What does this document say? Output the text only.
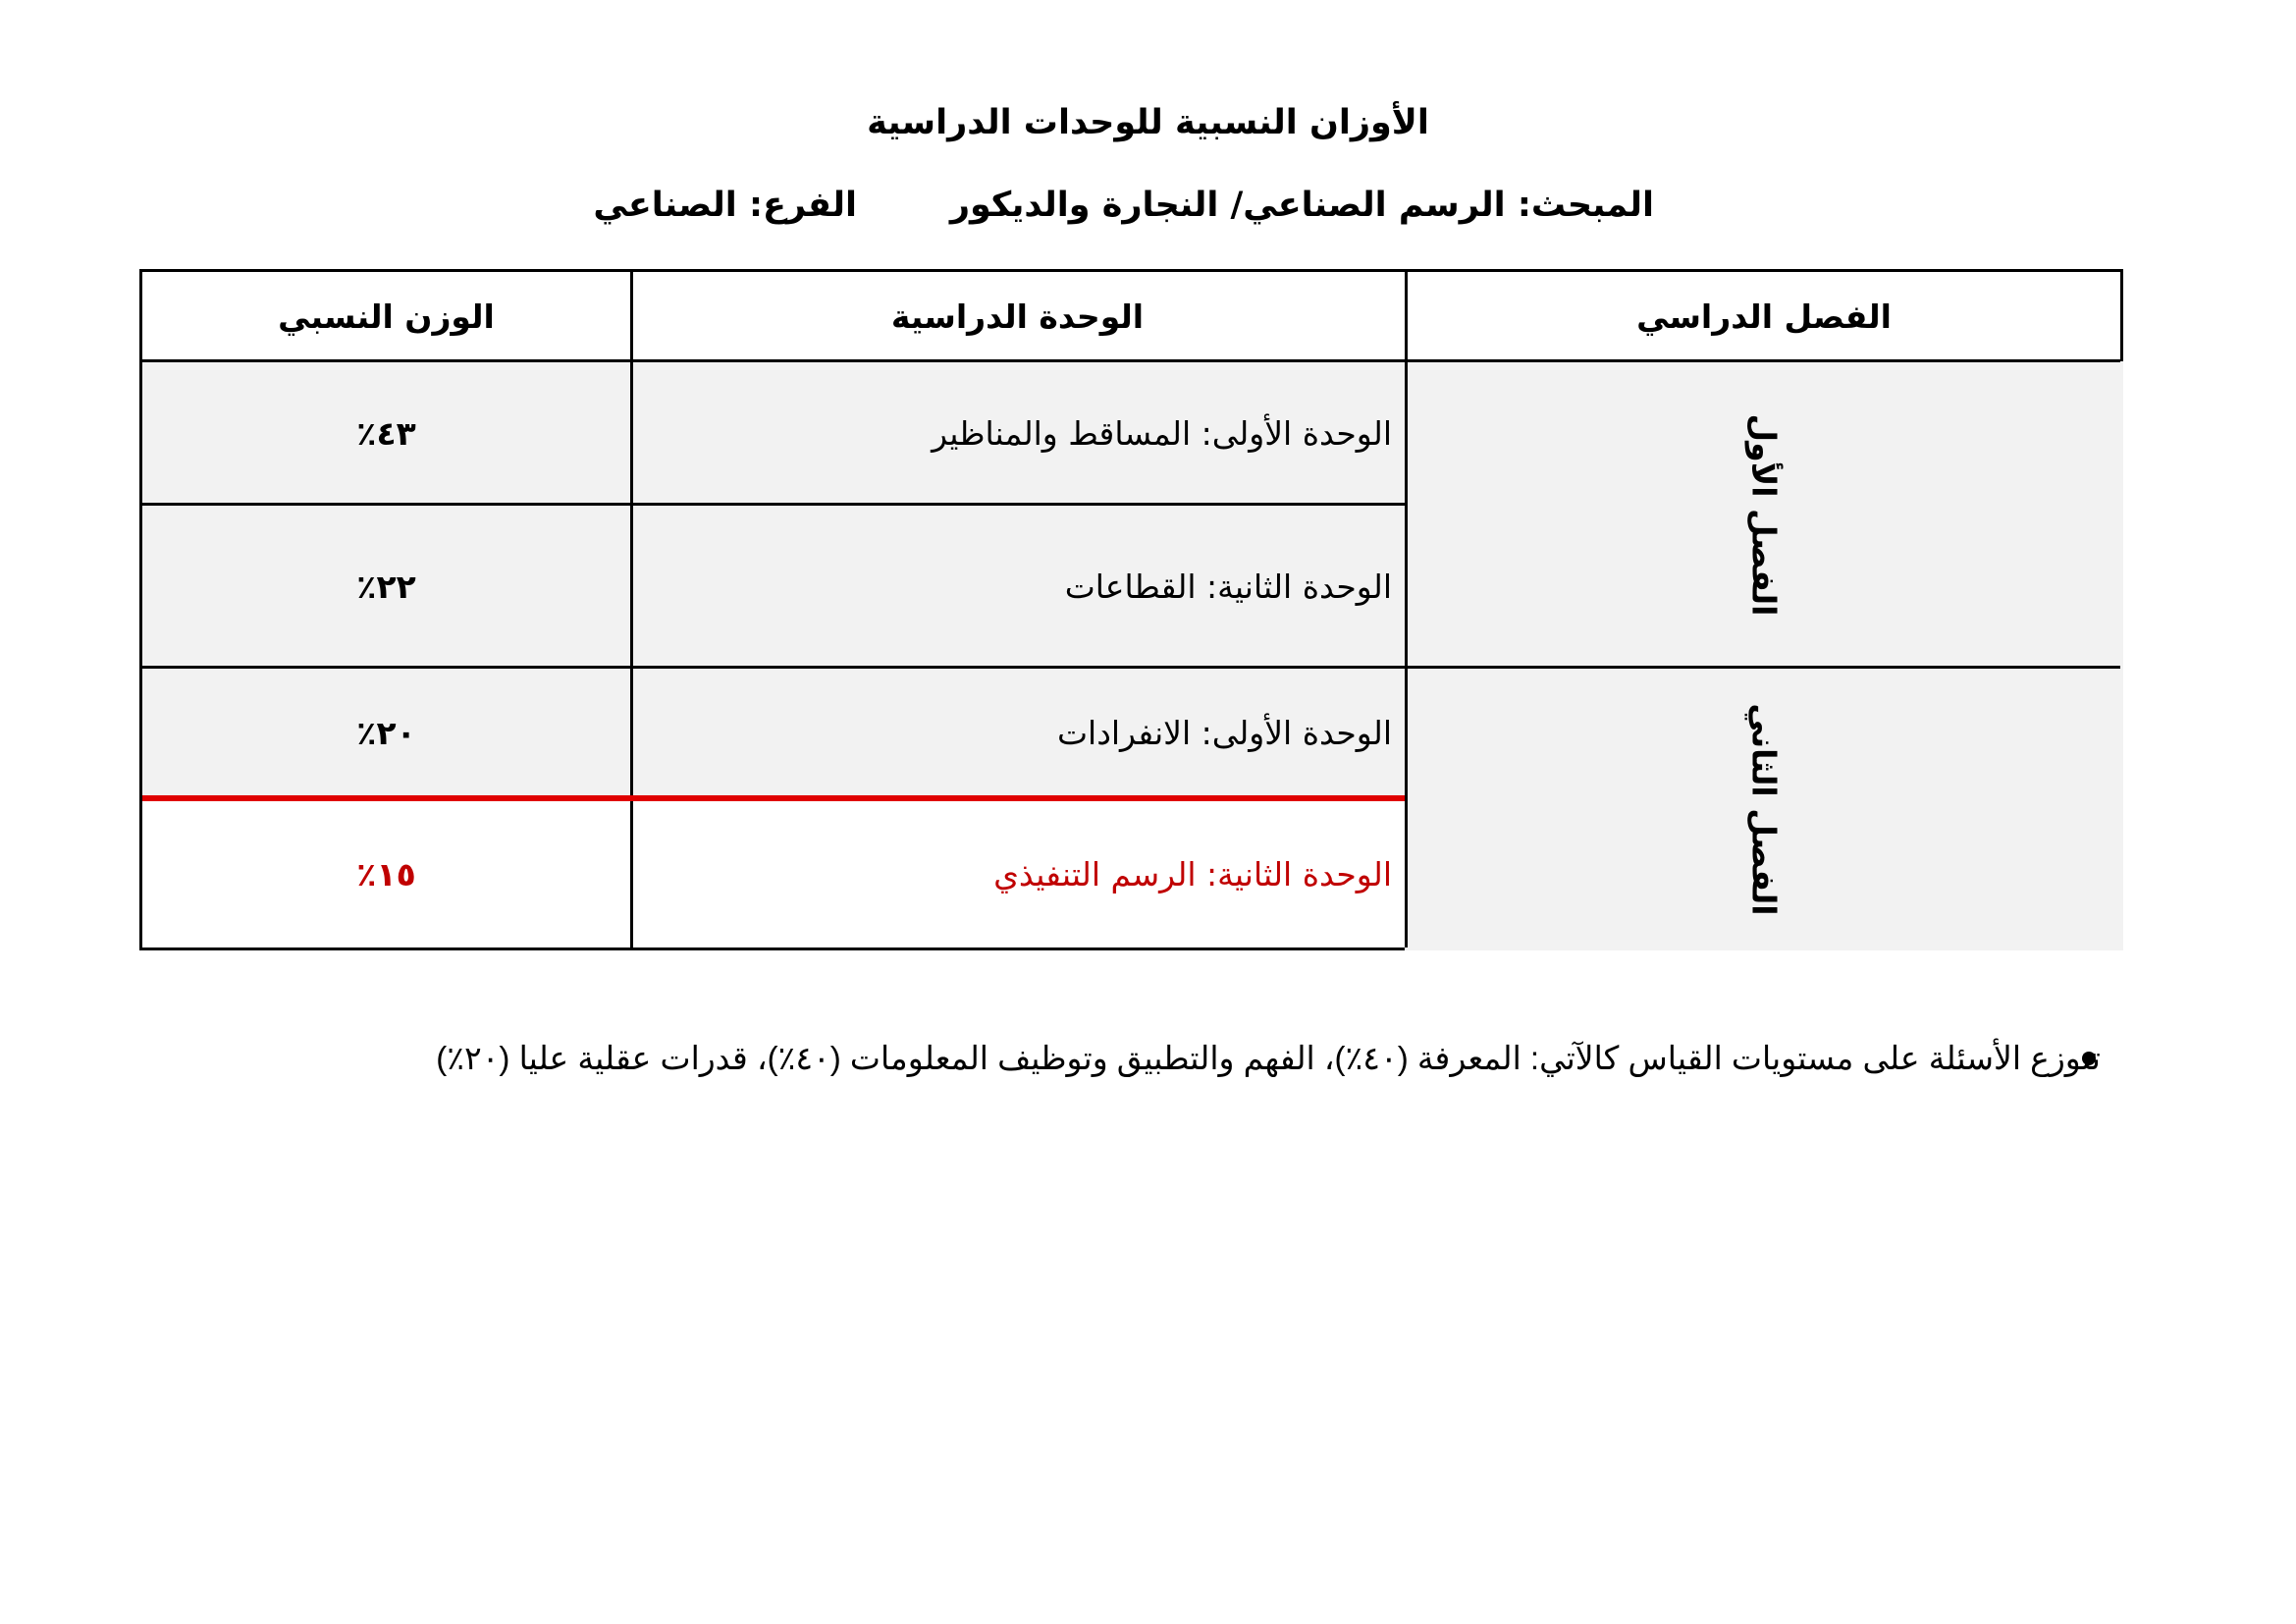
الأوزان النسبية للوحدات الدراسية
المبحث: الرسم الصناعي/ النجارة والديكور
الفرع: الصناعي
الفصل الدراسي
الوحدة الدراسية
الوزن النسبي
الفصل الأول
الوحدة الأولى: المساقط والمناظير
٤٣٪
الوحدة الثانية: القطاعات
٢٢٪
الفصل الثاني
الوحدة الأولى: الانفرادات
٢٠٪
الوحدة الثانية: الرسم التنفيذي
١٥٪
تتوزع الأسئلة على مستويات القياس كالآتي: المعرفة (٤٠٪)، الفهم والتطبيق وتوظيف المعلومات (٤٠٪)، قدرات عقلية عليا (٢٠٪)
